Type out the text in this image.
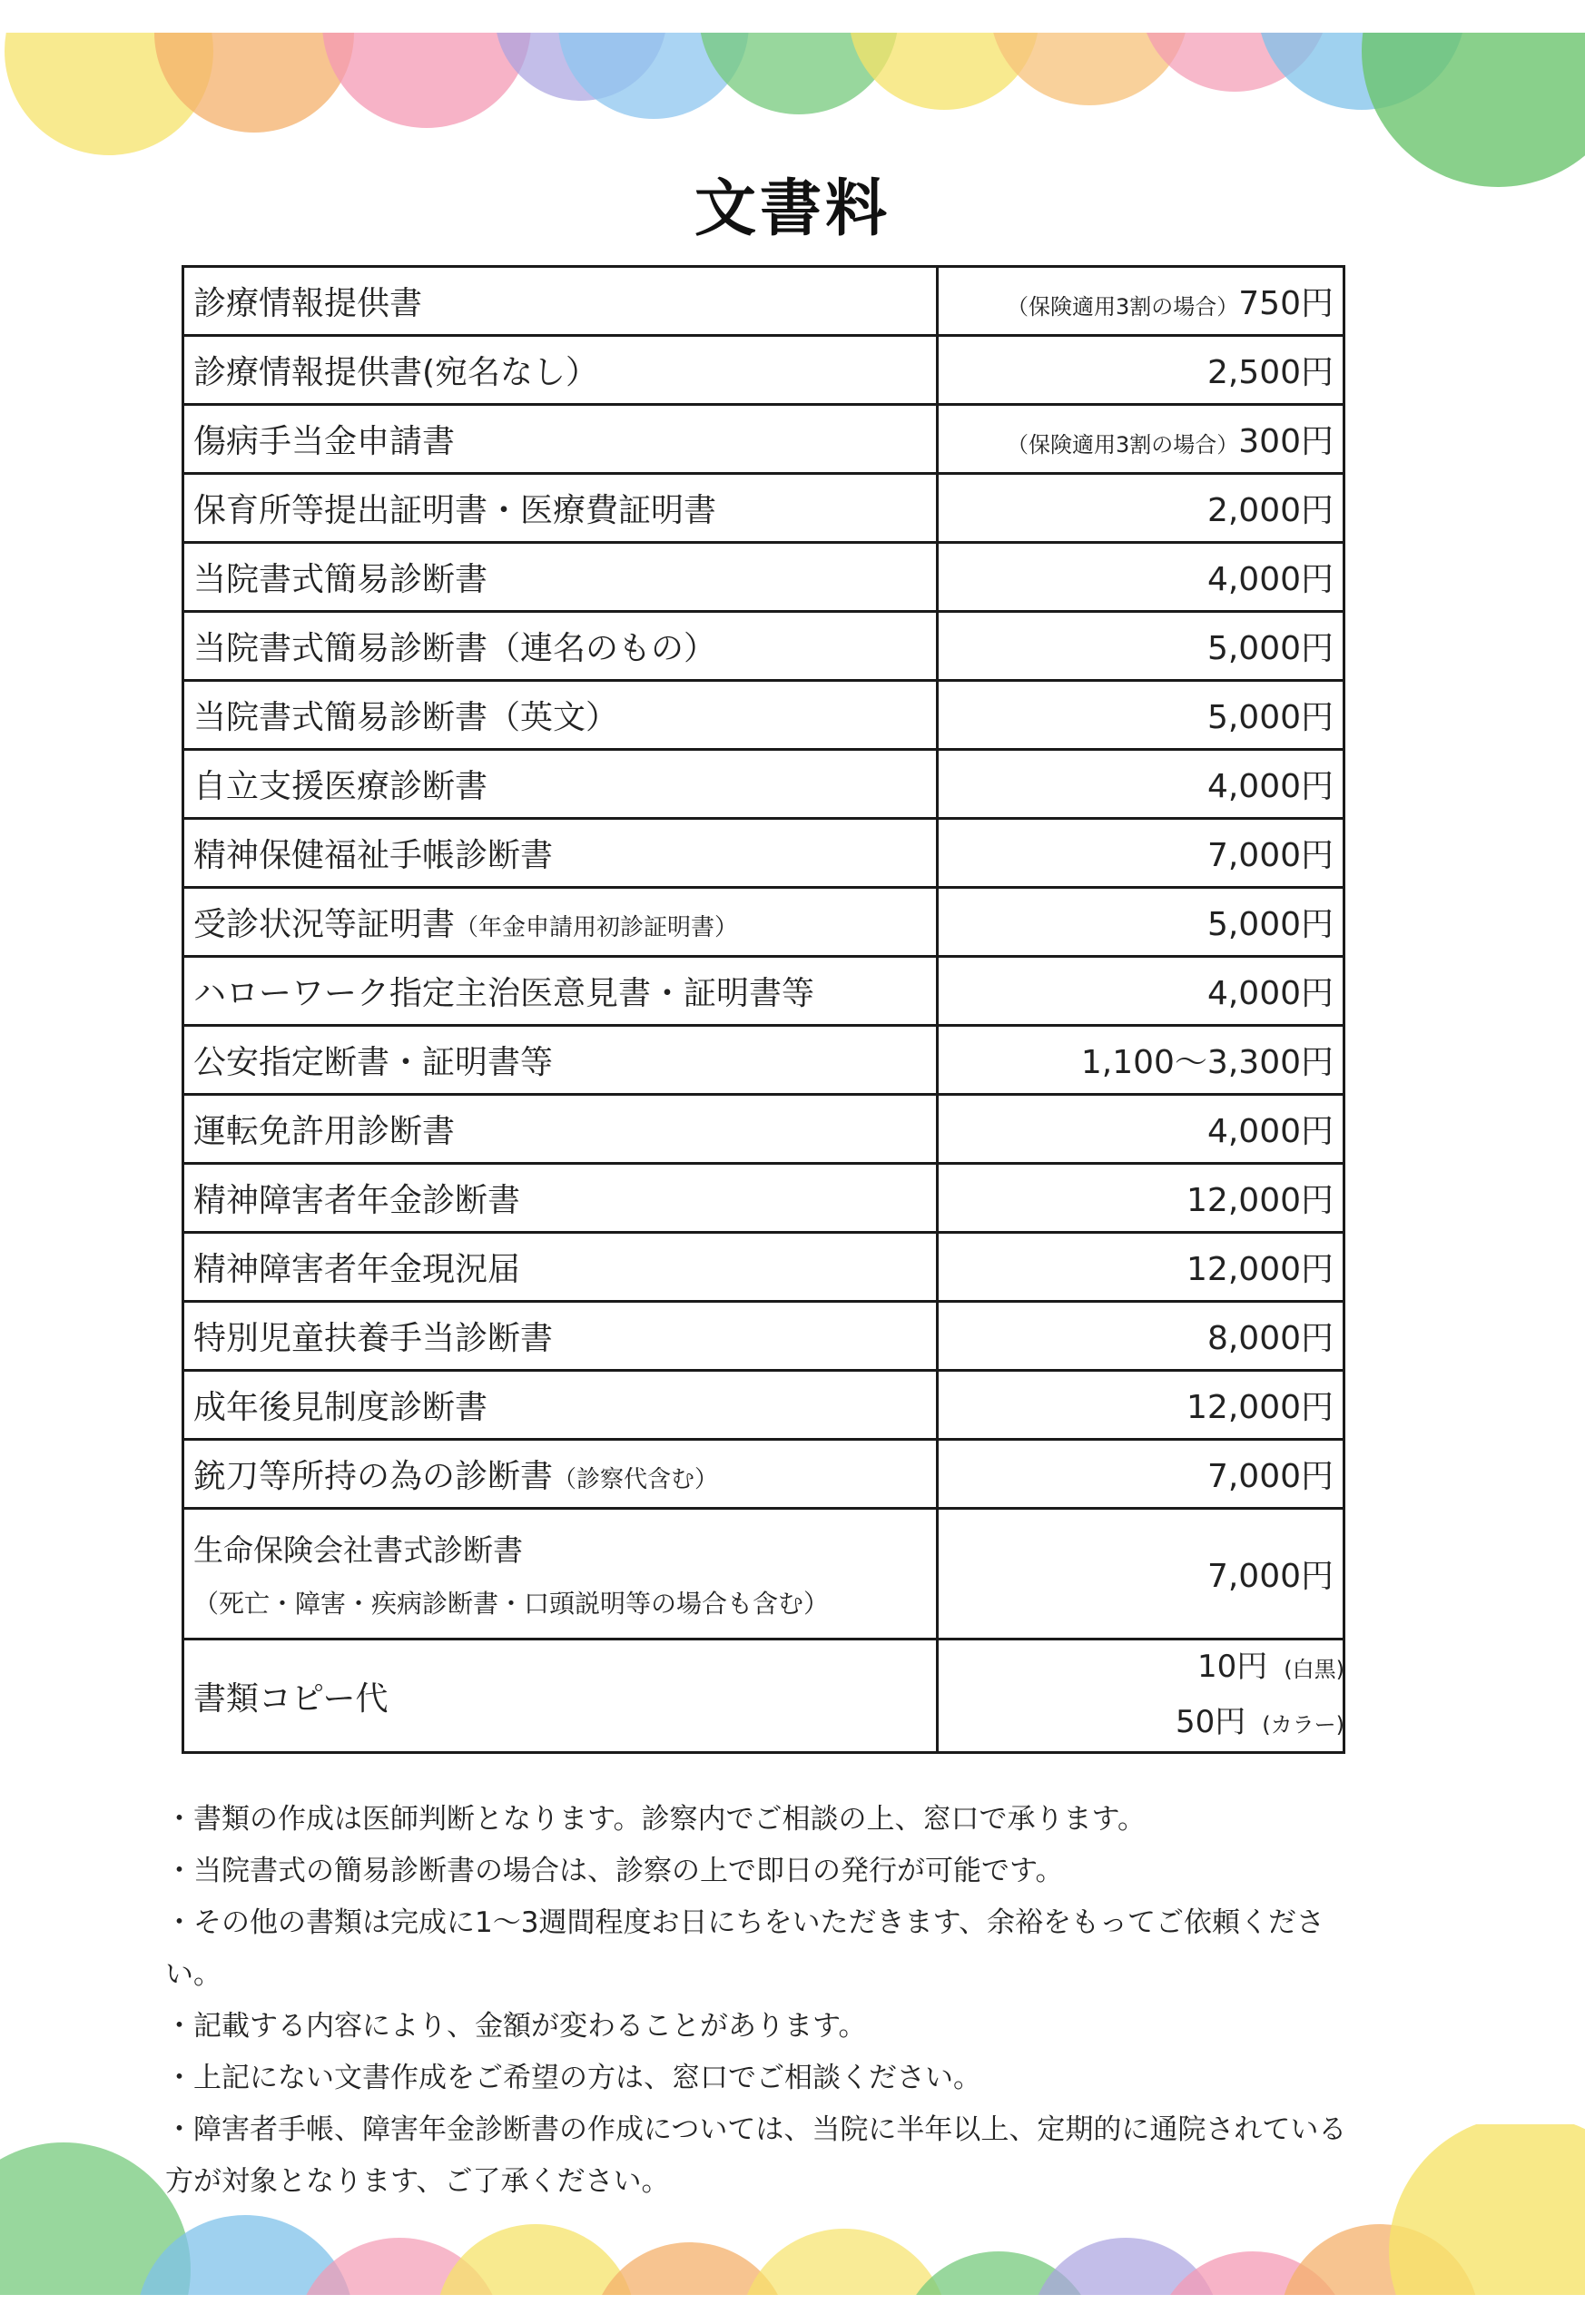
文書料
診療情報提供書	（保険適用3割の場合）750円
診療情報提供書(宛名なし）	2,500円
傷病手当金申請書	（保険適用3割の場合）300円
保育所等提出証明書・医療費証明書	2,000円
当院書式簡易診断書	4,000円
当院書式簡易診断書（連名のもの）	5,000円
当院書式簡易診断書（英文）	5,000円
自立支援医療診断書	4,000円
精神保健福祉手帳診断書	7,000円
受診状況等証明書（年金申請用初診証明書）	5,000円
ハローワーク指定主治医意見書・証明書等	4,000円
公安指定断書・証明書等	1,100～3,300円
運転免許用診断書	4,000円
精神障害者年金診断書	12,000円
精神障害者年金現況届	12,000円
特別児童扶養手当診断書	8,000円
成年後見制度診断書	12,000円
銃刀等所持の為の診断書（診察代含む）	7,000円

生命保険会社書式診断書
（死亡・障害・疾病診断書・口頭説明等の場合も含む）	7,000円
書類コピー代	10円 (白黒)
50円 (カラー)

・書類の作成は医師判断となります。診察内でご相談の上、窓口で承ります。

・当院書式の簡易診断書の場合は、診察の上で即日の発行が可能です。

・その他の書類は完成に1～3週間程度お日にちをいただきます、余裕をもってご依頼ください。

・記載する内容により、金額が変わることがあります。

・上記にない文書作成をご希望の方は、窓口でご相談ください。

・障害者手帳、障害年金診断書の作成については、当院に半年以上、定期的に通院されている方が対象となります、ご了承ください。
